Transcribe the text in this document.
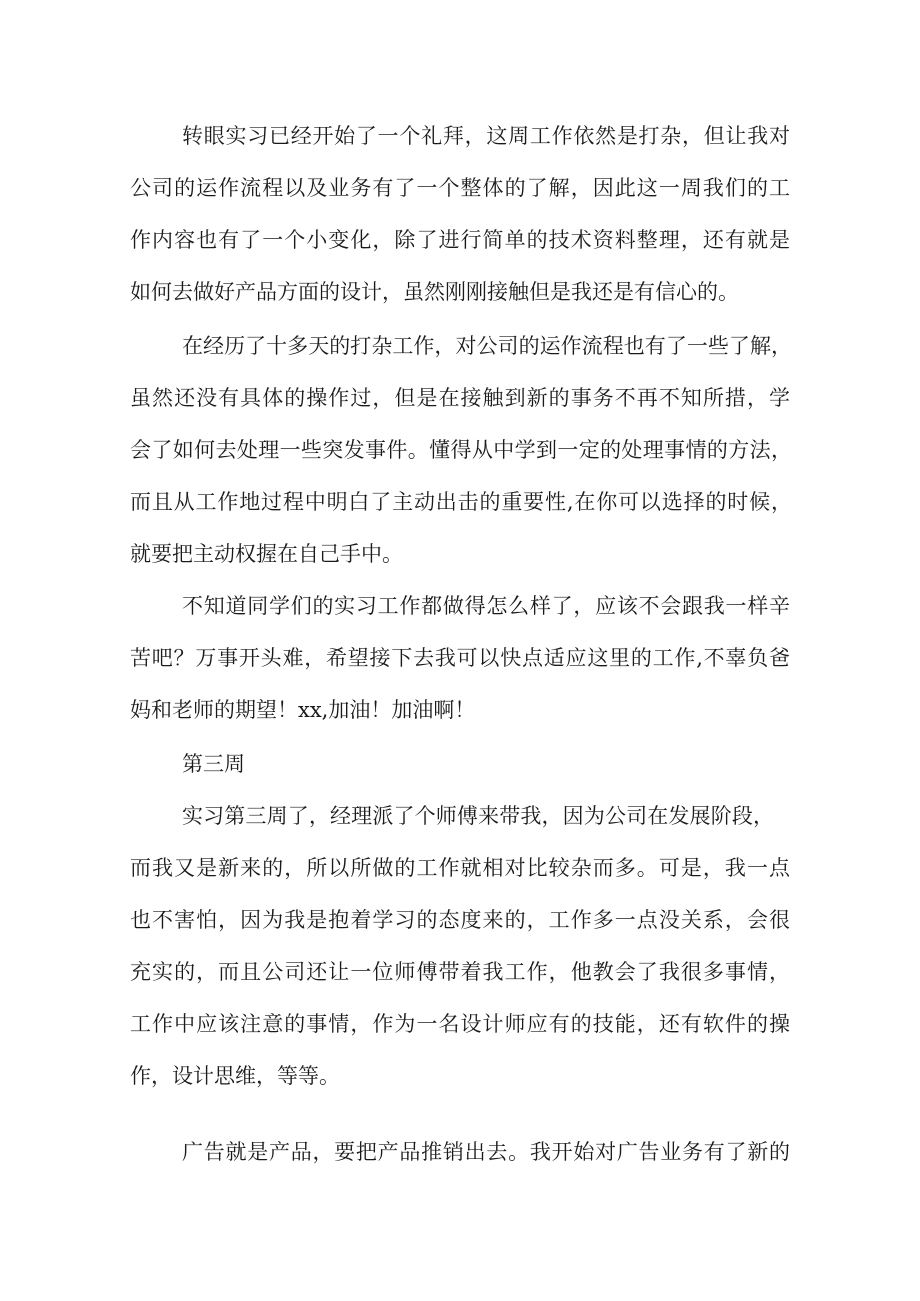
转眼实习已经开始了一个礼拜，这周工作依然是打杂，但让我对
公司的运作流程以及业务有了一个整体的了解，因此这一周我们的工
作内容也有了一个小变化，除了进行简单的技术资料整理，还有就是
如何去做好产品方面的设计，虽然刚刚接触但是我还是有信心的。
在经历了十多天的打杂工作，对公司的运作流程也有了一些了解，
虽然还没有具体的操作过，但是在接触到新的事务不再不知所措，学
会了如何去处理一些突发事件。懂得从中学到一定的处理事情的方法，
而且从工作地过程中明白了主动出击的重要性,在你可以选择的时候，
就要把主动权握在自己手中。
不知道同学们的实习工作都做得怎么样了，应该不会跟我一样辛
苦吧？万事开头难，希望接下去我可以快点适应这里的工作,不辜负爸
妈和老师的期望！xx,加油！加油啊！
第三周
实习第三周了，经理派了个师傅来带我，因为公司在发展阶段，
而我又是新来的，所以所做的工作就相对比较杂而多。可是，我一点
也不害怕，因为我是抱着学习的态度来的，工作多一点没关系，会很
充实的，而且公司还让一位师傅带着我工作，他教会了我很多事情，
工作中应该注意的事情，作为一名设计师应有的技能，还有软件的操
作，设计思维，等等。
广告就是产品，要把产品推销出去。我开始对广告业务有了新的
